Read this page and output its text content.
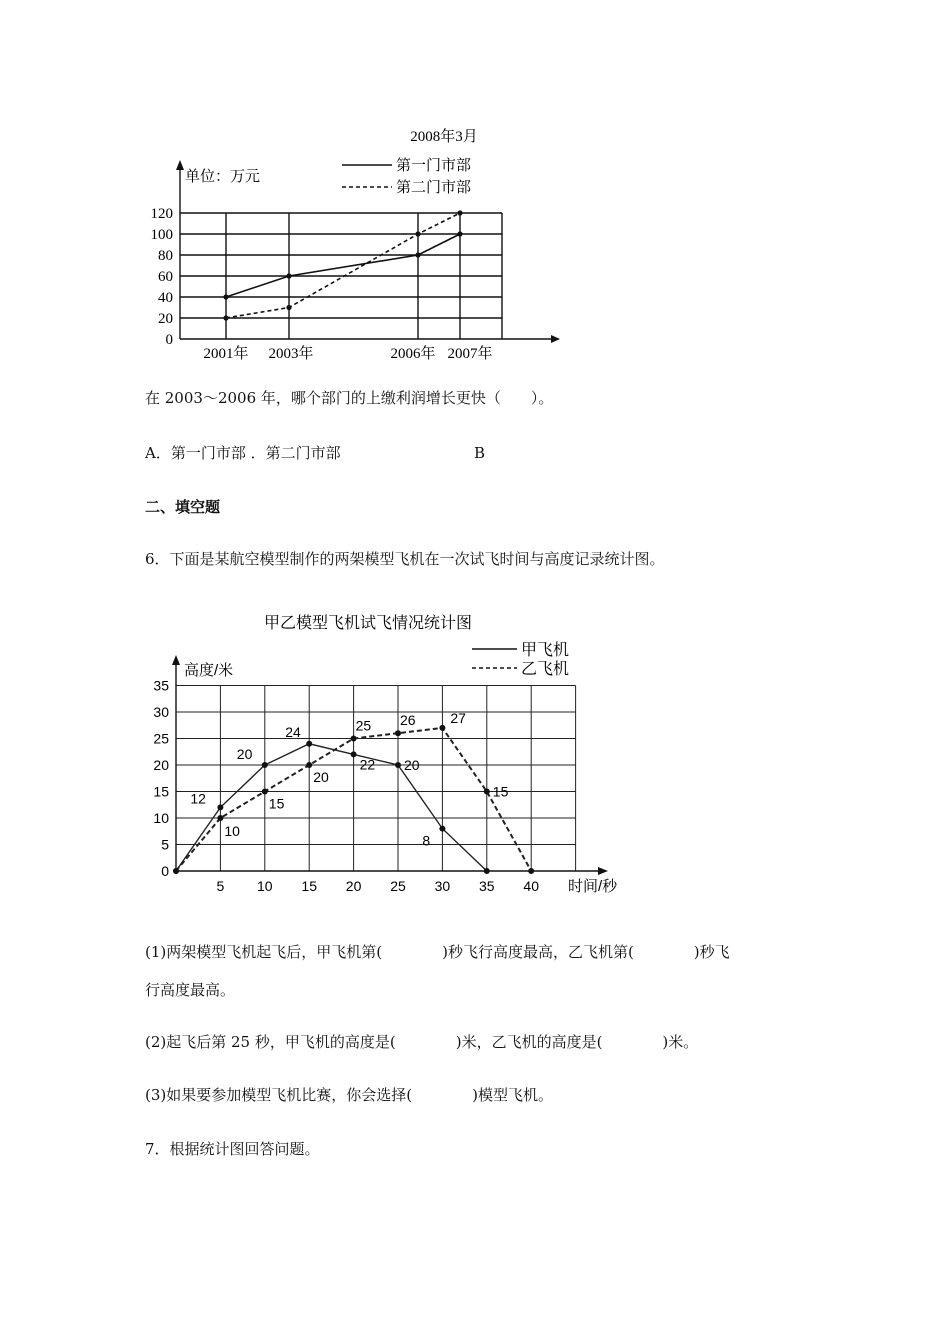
2008年3月
单位：万元
第一门市部
第二门市部
0
20
40
60
80
100
120
2001年 2003年	2006年 2007年
在 2003～2006 年，哪个部门的上缴利润增长更快（　　）。
A．第一门市部 ．第二门市部	B
二、填空题
6．下面是某航空模型制作的两架模型飞机在一次试飞时间与高度记录统计图。
甲乙模型飞机试飞情况统计图
高度/米
时间/秒
甲飞机
乙飞机
12
20
24
22 20
8
10
15
20
25 26 27
15
0
5
10
15
20
25
30
35
5 10 15 20 25 30 35 40
(1)两架模型飞机起飞后，甲飞机第(　　　　)秒飞行高度最高，乙飞机第(　　　　)秒飞
行高度最高。
(2)起飞后第 25 秒，甲飞机的高度是(　　　　)米，乙飞机的高度是(　　　　)米。
(3)如果要参加模型飞机比赛，你会选择(　　　　)模型飞机。
7．根据统计图回答问题。
